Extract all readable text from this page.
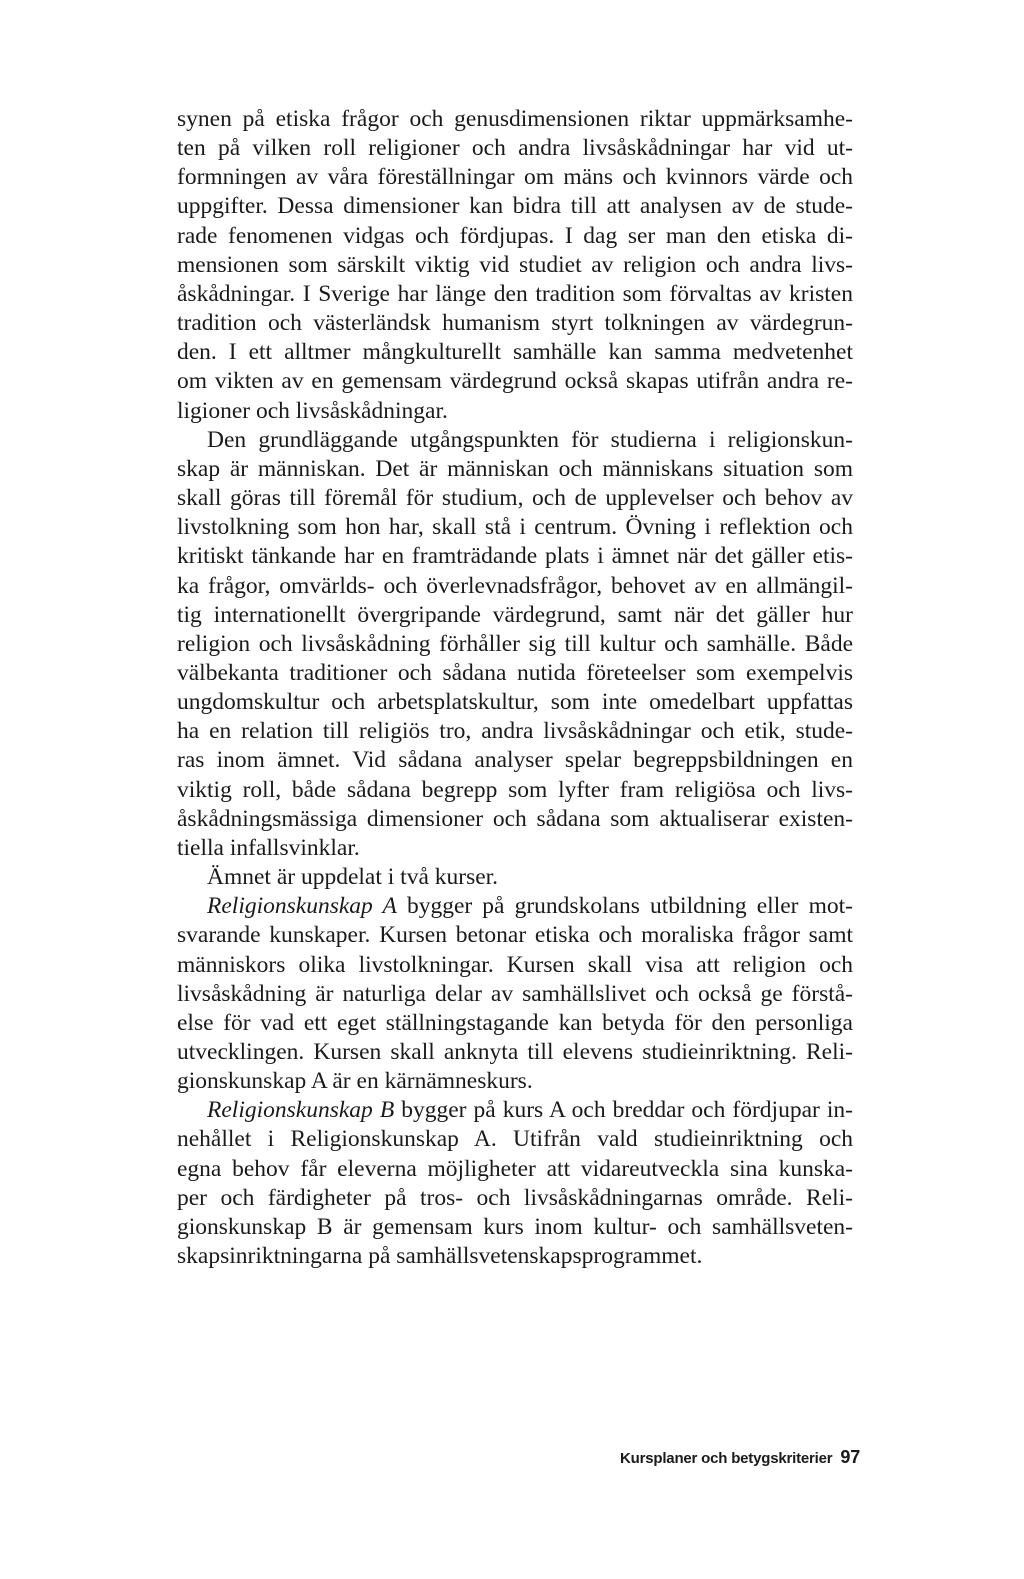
synen på etiska frågor och genusdimensionen riktar uppmärksamhe-
ten på vilken roll religioner och andra livsåskådningar har vid ut-
formningen av våra föreställningar om mäns och kvinnors värde och
uppgifter. Dessa dimensioner kan bidra till att analysen av de stude-
rade fenomenen vidgas och fördjupas. I dag ser man den etiska di-
mensionen som särskilt viktig vid studiet av religion och andra livs-
åskådningar. I Sverige har länge den tradition som förvaltas av kristen
tradition och västerländsk humanism styrt tolkningen av värdegrun-
den. I ett alltmer mångkulturellt samhälle kan samma medvetenhet
om vikten av en gemensam värdegrund också skapas utifrån andra re-
ligioner och livsåskådningar.
Den grundläggande utgångspunkten för studierna i religionskun-
skap är människan. Det är människan och människans situation som
skall göras till föremål för studium, och de upplevelser och behov av
livstolkning som hon har, skall stå i centrum. Övning i reflektion och
kritiskt tänkande har en framträdande plats i ämnet när det gäller etis-
ka frågor, omvärlds- och överlevnadsfrågor, behovet av en allmängil-
tig internationellt övergripande värdegrund, samt när det gäller hur
religion och livsåskådning förhåller sig till kultur och samhälle. Både
välbekanta traditioner och sådana nutida företeelser som exempelvis
ungdomskultur och arbetsplatskultur, som inte omedelbart uppfattas
ha en relation till religiös tro, andra livsåskådningar och etik, stude-
ras inom ämnet. Vid sådana analyser spelar begreppsbildningen en
viktig roll, både sådana begrepp som lyfter fram religiösa och livs-
åskådningsmässiga dimensioner och sådana som aktualiserar existen-
tiella infallsvinklar.
Ämnet är uppdelat i två kurser.
Religionskunskap A bygger på grundskolans utbildning eller mot-
svarande kunskaper. Kursen betonar etiska och moraliska frågor samt
människors olika livstolkningar. Kursen skall visa att religion och
livsåskådning är naturliga delar av samhällslivet och också ge förstå-
else för vad ett eget ställningstagande kan betyda för den personliga
utvecklingen. Kursen skall anknyta till elevens studieinriktning. Reli-
gionskunskap A är en kärnämneskurs.
Religionskunskap B bygger på kurs A och breddar och fördjupar in-
nehållet i Religionskunskap A. Utifrån vald studieinriktning och
egna behov får eleverna möjligheter att vidareutveckla sina kunska-
per och färdigheter på tros- och livsåskådningarnas område. Reli-
gionskunskap B är gemensam kurs inom kultur- och samhällsveten-
skapsinriktningarna på samhällsvetenskapsprogrammet.
Kursplaner och betygskriterier 97
